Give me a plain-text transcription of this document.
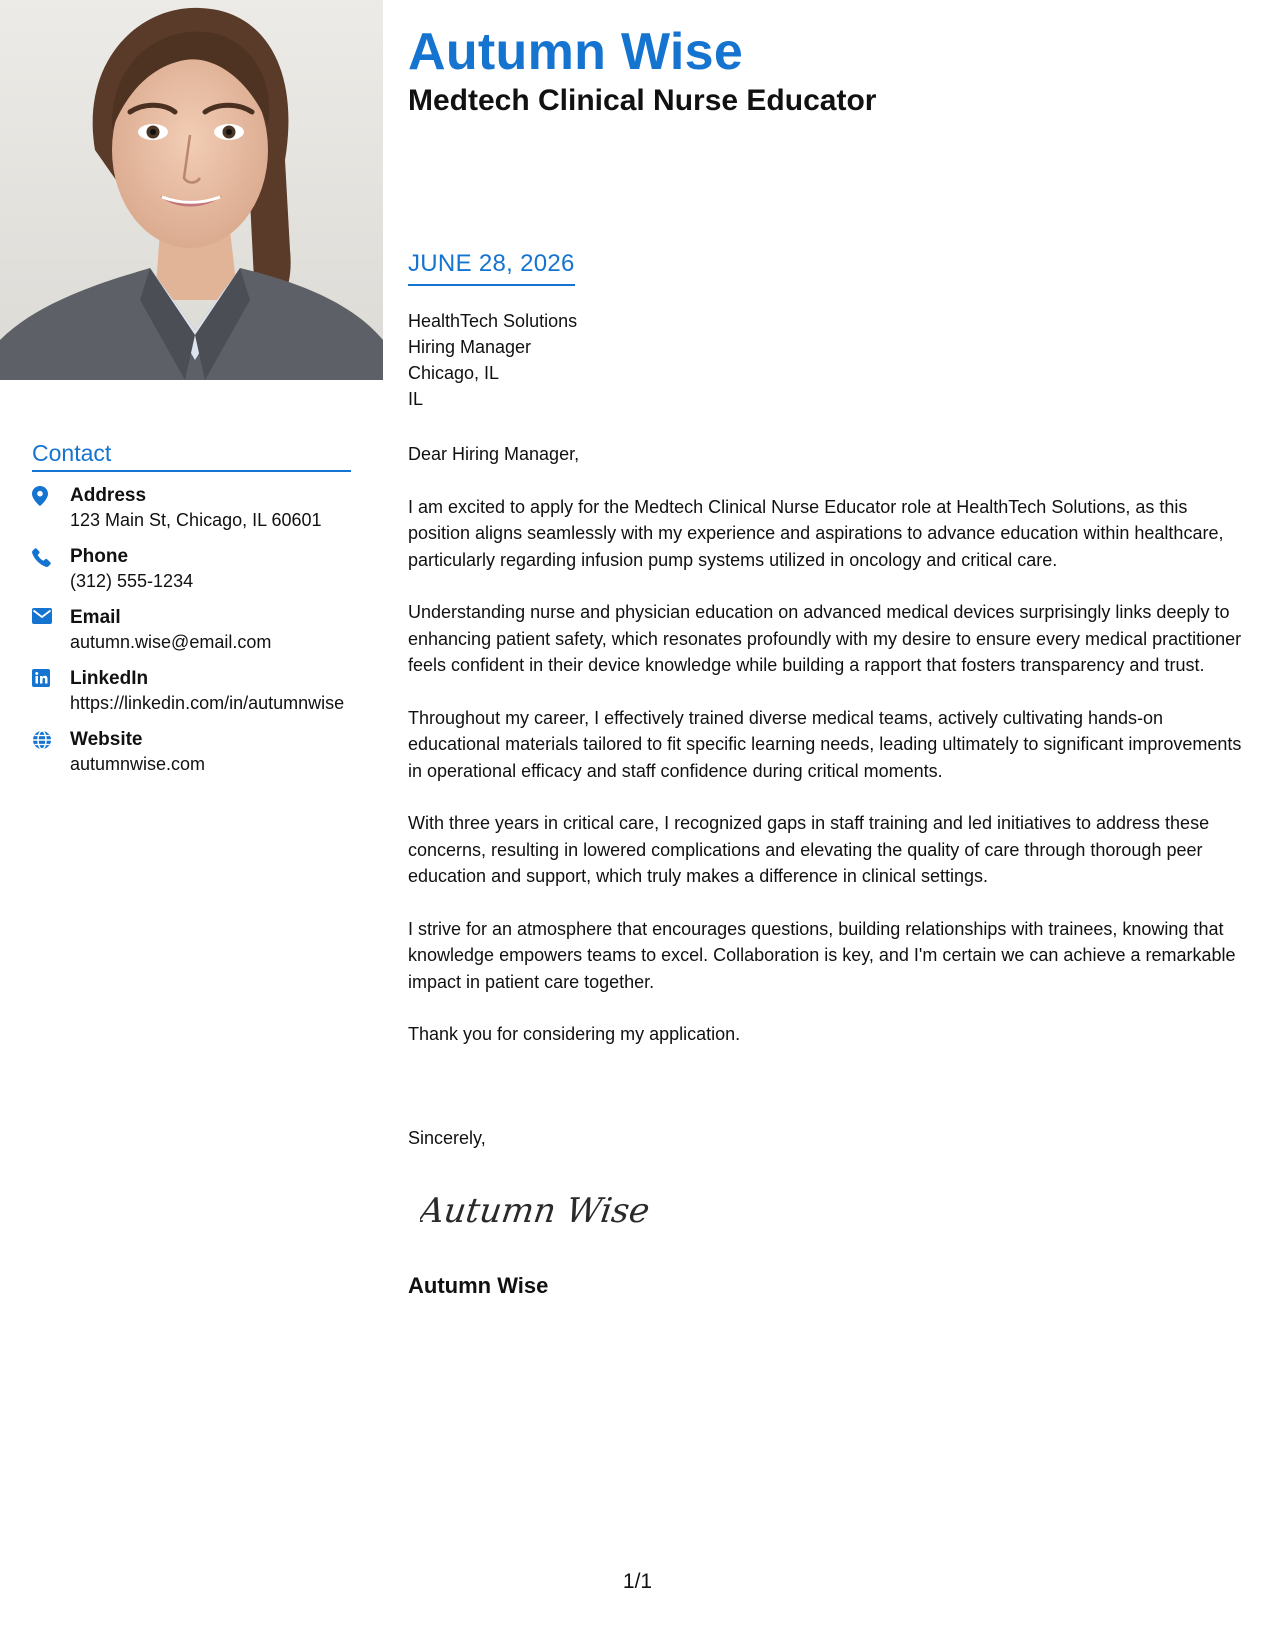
Autumn Wise
Medtech Clinical Nurse Educator
JUNE 28, 2026
HealthTech Solutions
Hiring Manager
Chicago, IL
IL

Dear Hiring Manager,

I am excited to apply for the Medtech Clinical Nurse Educator role at HealthTech Solutions, as this position aligns seamlessly with my experience and aspirations to advance education within healthcare, particularly regarding infusion pump systems utilized in oncology and critical care.

Understanding nurse and physician education on advanced medical devices surprisingly links deeply to enhancing patient safety, which resonates profoundly with my desire to ensure every medical practitioner feels confident in their device knowledge while building a rapport that fosters transparency and trust.

Throughout my career, I effectively trained diverse medical teams, actively cultivating hands-on educational materials tailored to fit specific learning needs, leading ultimately to significant improvements in operational efficacy and staff confidence during critical moments.

With three years in critical care, I recognized gaps in staff training and led initiatives to address these concerns, resulting in lowered complications and elevating the quality of care through thorough peer education and support, which truly makes a difference in clinical settings.

I strive for an atmosphere that encourages questions, building relationships with trainees, knowing that knowledge empowers teams to excel. Collaboration is key, and I'm certain we can achieve a remarkable impact in patient care together.

Thank you for considering my application.

Sincerely,
Autumn Wise
Autumn Wise
Contact
Address
123 Main St, Chicago, IL 60601
Phone
(312) 555-1234
Email
autumn.wise@email.com
LinkedIn
https://linkedin.com/in/autumnwise
Website
autumnwise.com
1/1
